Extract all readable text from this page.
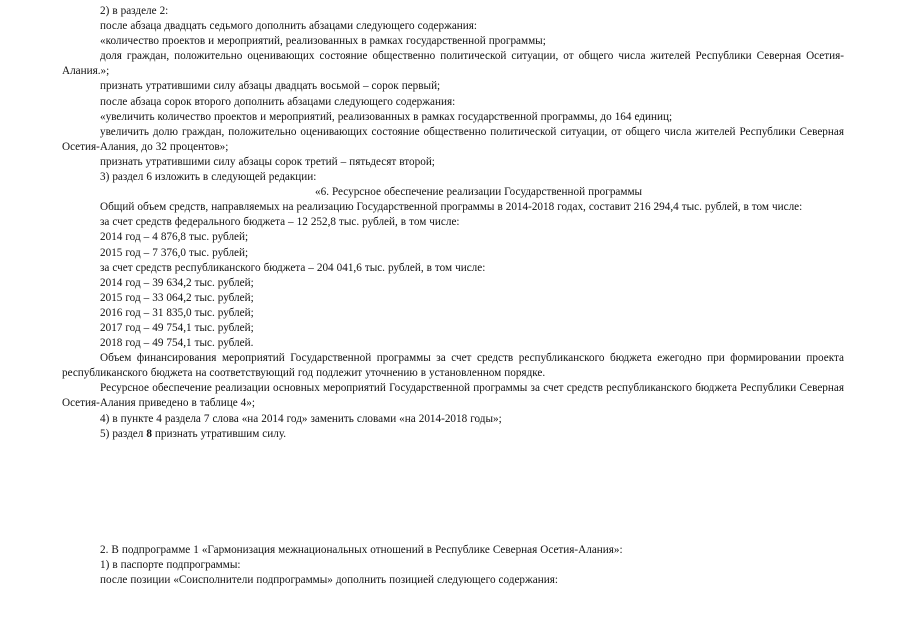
2) в разделе 2:

после абзаца двадцать седьмого дополнить абзацами следующего содержания:

«количество проектов и мероприятий, реализованных в рамках государственной программы;

доля граждан, положительно оценивающих состояние общественно политической ситуации, от общего числа жителей Республики Северная Осетия-Алания.»;

признать утратившими силу абзацы двадцать восьмой – сорок первый;

после абзаца сорок второго дополнить абзацами следующего содержания:

«увеличить количество проектов и мероприятий, реализованных в рамках государственной программы, до 164 единиц;

увеличить долю граждан, положительно оценивающих состояние общественно политической ситуации, от общего числа жителей Республики Северная Осетия-Алания, до 32 процентов»;

признать утратившими силу абзацы сорок третий – пятьдесят второй;

3) раздел 6 изложить в следующей редакции:

«6. Ресурсное обеспечение реализации Государственной программы

Общий объем средств, направляемых на реализацию Государственной программы в 2014-2018 годах, составит 216 294,4 тыс. рублей, в том числе:

за счет средств федерального бюджета – 12 252,8 тыс. рублей, в том числе:

2014 год – 4 876,8 тыс. рублей;

2015 год – 7 376,0 тыс. рублей;

за счет средств республиканского бюджета – 204 041,6 тыс. рублей, в том числе:

2014 год – 39 634,2 тыс. рублей;

2015 год – 33 064,2 тыс. рублей;

2016 год – 31 835,0 тыс. рублей;

2017 год – 49 754,1 тыс. рублей;

2018 год – 49 754,1 тыс. рублей.

Объем финансирования мероприятий Государственной программы за счет средств республиканского бюджета ежегодно при формировании проекта республиканского бюджета на соответствующий год подлежит уточнению в установленном порядке.

Ресурсное обеспечение реализации основных мероприятий Государственной программы за счет средств республиканского бюджета Республики Северная Осетия-Алания приведено в таблице 4»;

4) в пункте 4 раздела 7 слова «на 2014 год» заменить словами «на 2014-2018 годы»;

5) раздел 8 признать утратившим силу.

2. В подпрограмме 1 «Гармонизация межнациональных отношений в Республике Северная Осетия-Алания»:

1) в паспорте подпрограммы:

после позиции «Соисполнители подпрограммы» дополнить позицией следующего содержания:
